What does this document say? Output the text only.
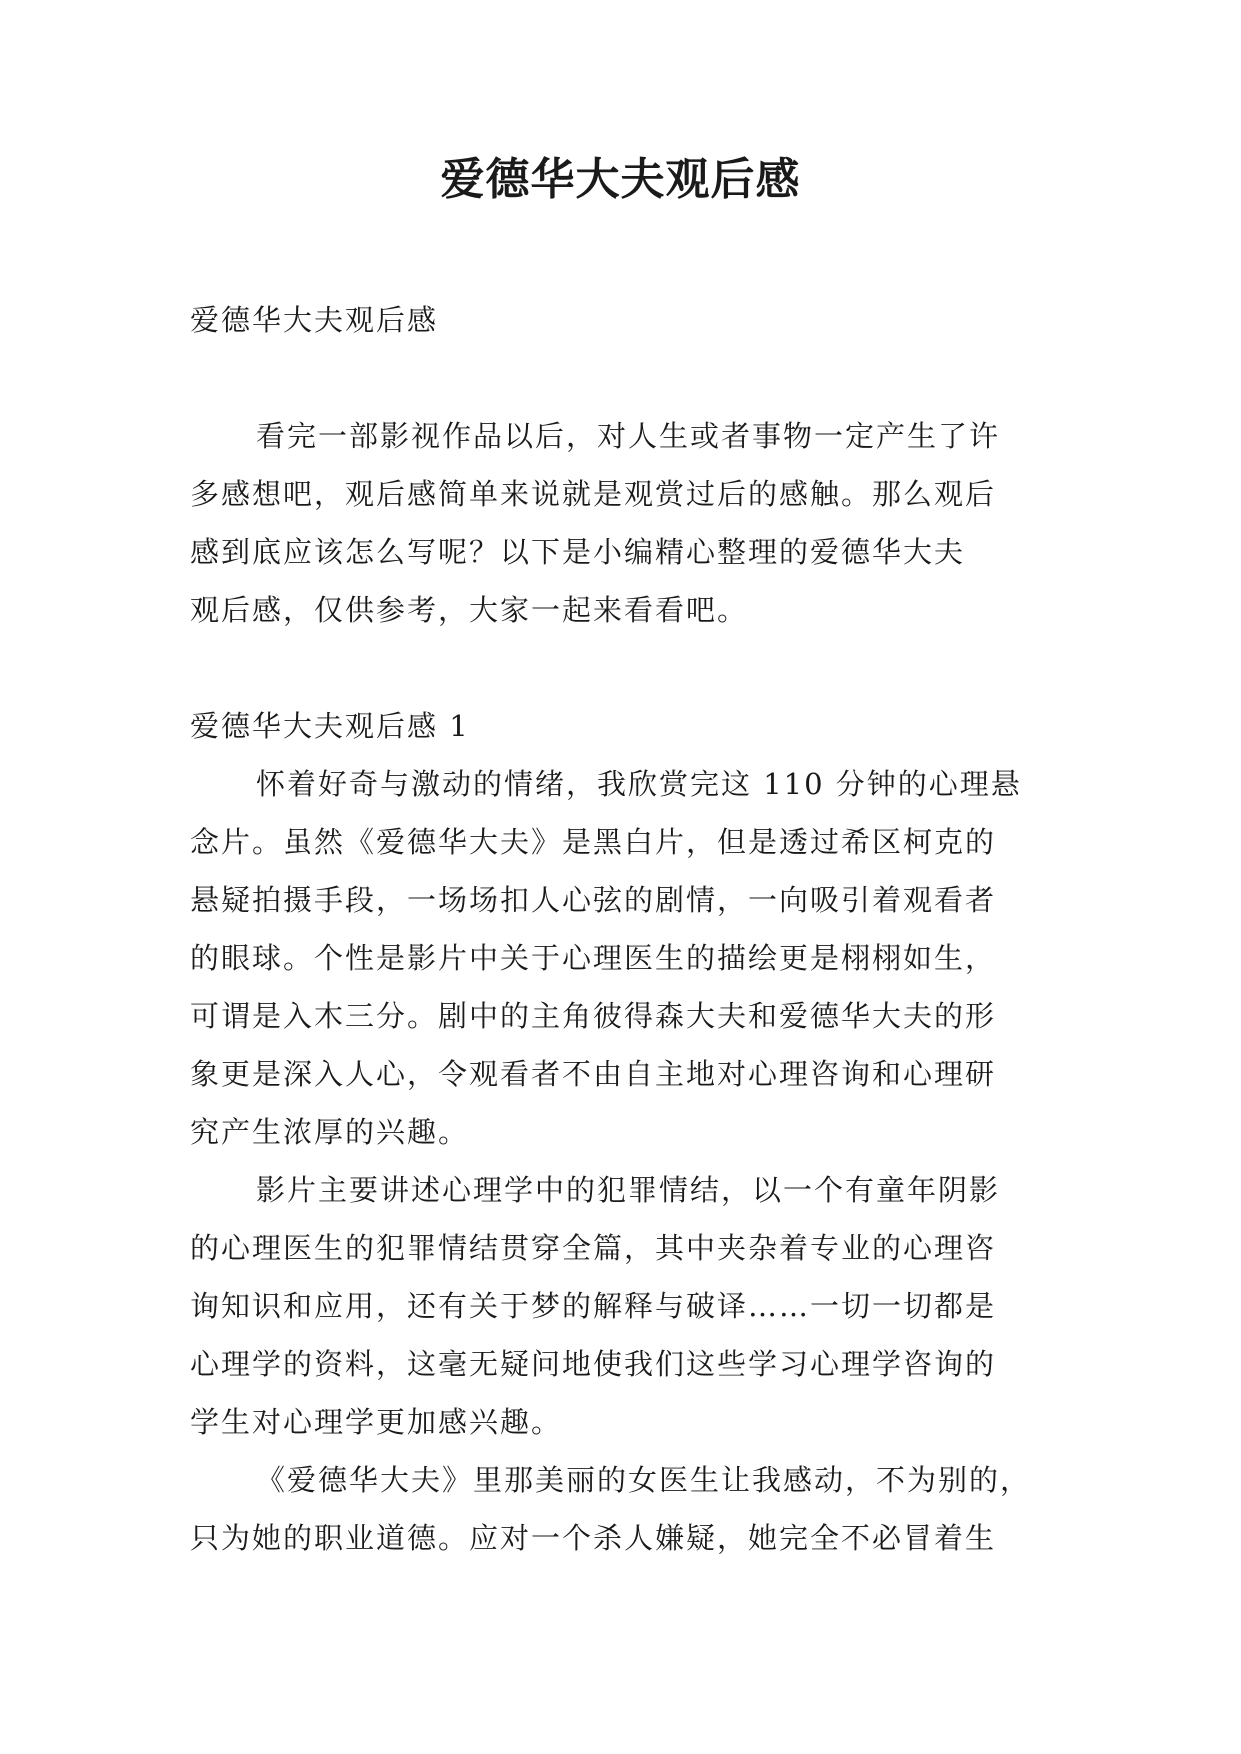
爱德华大夫观后感

爱德华大夫观后感

看完一部影视作品以后，对人生或者事物一定产生了许

多感想吧，观后感简单来说就是观赏过后的感触。那么观后

感到底应该怎么写呢？以下是小编精心整理的爱德华大夫

观后感，仅供参考，大家一起来看看吧。

爱德华大夫观后感 1

怀着好奇与激动的情绪，我欣赏完这 110 分钟的心理悬

念片。虽然《爱德华大夫》是黑白片，但是透过希区柯克的

悬疑拍摄手段，一场场扣人心弦的剧情，一向吸引着观看者

的眼球。个性是影片中关于心理医生的描绘更是栩栩如生，

可谓是入木三分。剧中的主角彼得森大夫和爱德华大夫的形

象更是深入人心，令观看者不由自主地对心理咨询和心理研

究产生浓厚的兴趣。

影片主要讲述心理学中的犯罪情结，以一个有童年阴影

的心理医生的犯罪情结贯穿全篇，其中夹杂着专业的心理咨

询知识和应用，还有关于梦的解释与破译……一切一切都是

心理学的资料，这毫无疑问地使我们这些学习心理学咨询的

学生对心理学更加感兴趣。

《爱德华大夫》里那美丽的女医生让我感动，不为别的，

只为她的职业道德。应对一个杀人嫌疑，她完全不必冒着生
